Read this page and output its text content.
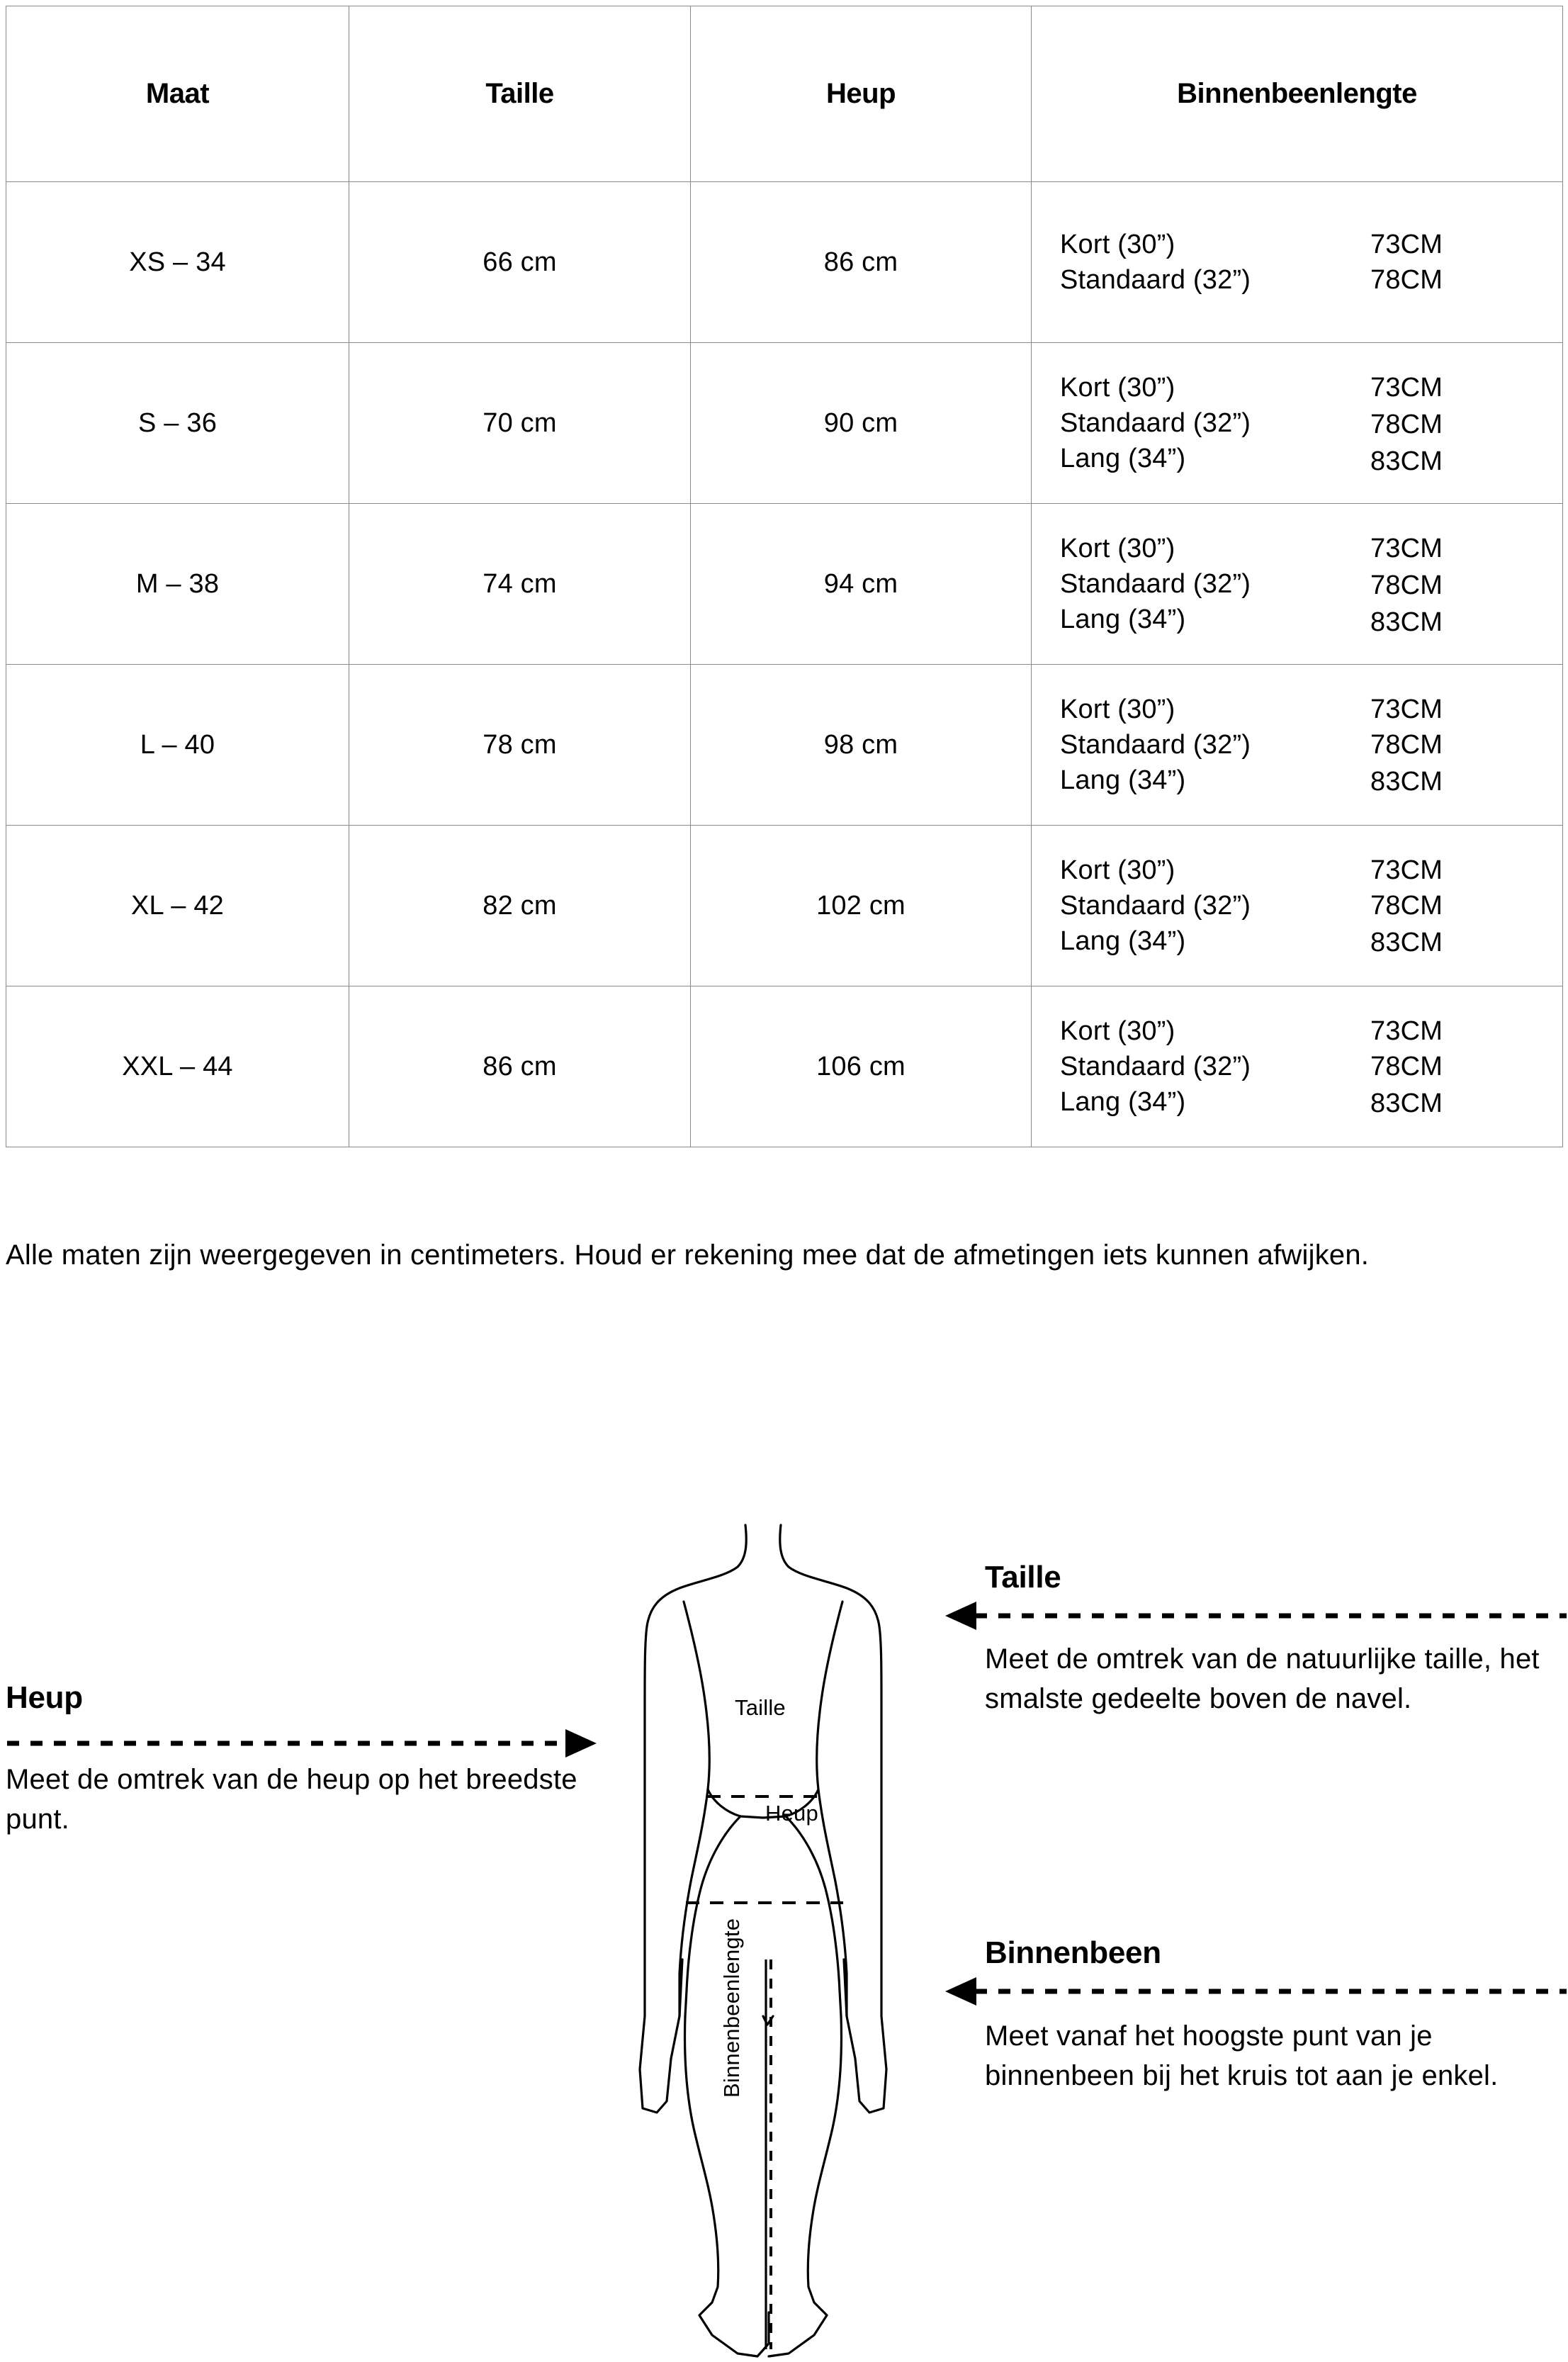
Maat	Taille	Heup	Binnenbeenlengte
XS – 34	66 cm	86 cm	Kort (30”) 73CM
Standaard (32”) 78CM

S – 36	70 cm	90 cm	
Kort (30”)	73CM
Standaard (32”)	78CM
Lang (34”)	83CM

M – 38	74 cm	94 cm	
Kort (30”)	73CM
Standaard (32”)	78CM
Lang (34”)	83CM

L – 40	78 cm	98 cm	
Kort (30”)	73CM
Standaard (32”)	78CM
Lang (34”)	83CM

XL – 42	82 cm	102 cm	
Kort (30”)	73CM
Standaard (32”)	78CM
Lang (34”)	83CM

XXL – 44	86 cm	106 cm	
Kort (30”)	73CM
Standaard (32”)	78CM
Lang (34”)	83CM
Alle maten zijn weergegeven in centimeters. Houd er rekening mee dat de afmetingen iets kunnen afwijken.
Taille
Heup
Binnenbeenlengte
Heup
Meet de omtrek van de heup op het breedste punt.
Taille
Meet de omtrek van de natuurlijke taille, het smalste gedeelte boven de navel.
Binnenbeen
Meet vanaf het hoogste punt van je binnenbeen bij het kruis tot aan je enkel.
